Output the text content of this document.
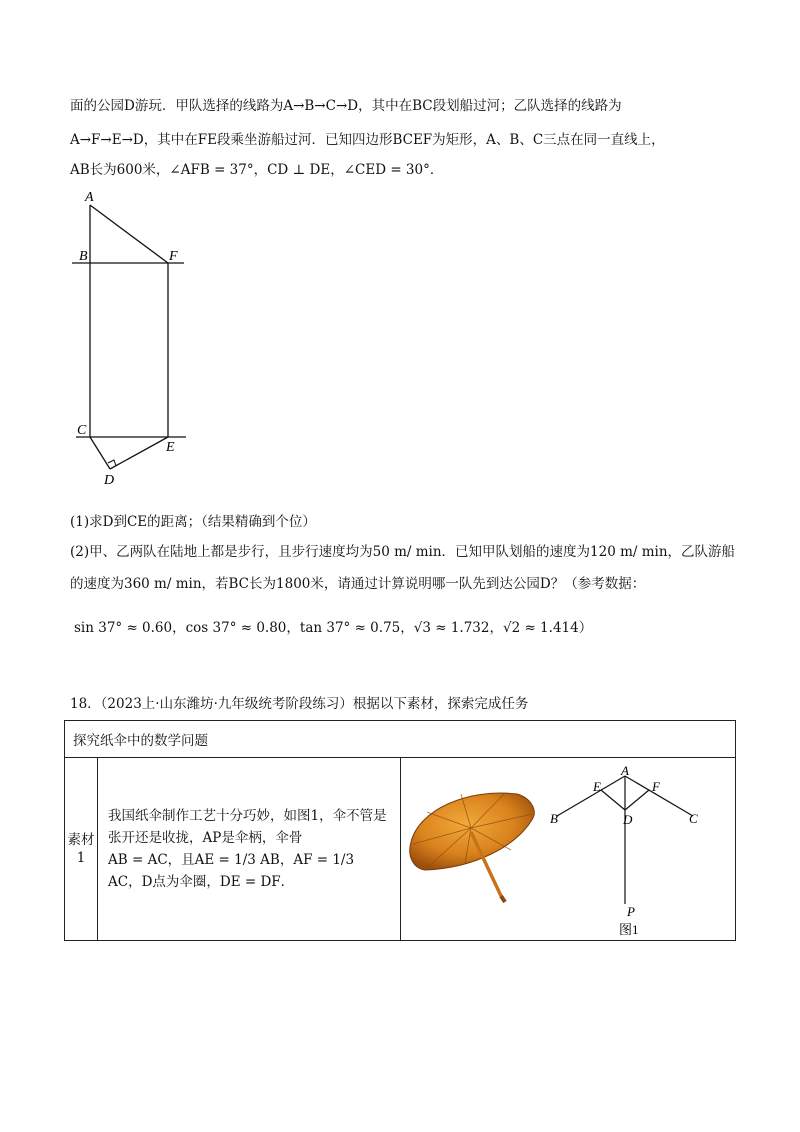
面的公园D游玩．甲队选择的线路为A→B→C→D，其中在BC段划船过河；乙队选择的线路为
A→F→E→D，其中在FE段乘坐游船过河．已知四边形BCEF为矩形，A、B、C三点在同一直线上，
AB长为600米，∠AFB = 37°，CD ⊥ DE，∠CED = 30°．
A
B	F
C
E
D
(1)求D到CE的距离；（结果精确到个位）
(2)甲、乙两队在陆地上都是步行，且步行速度均为50 m/ min．已知甲队划船的速度为120 m/ min，乙队游船
的速度为360 m/ min，若BC长为1800米，请通过计算说明哪一队先到达公园D？（参考数据：
sin 37° ≈ 0.60，cos 37° ≈ 0.80，tan 37° ≈ 0.75，√3 ≈ 1.732，√2 ≈ 1.414）
18．（2023上·山东潍坊·九年级统考阶段练习）根据以下素材，探索完成任务
探究纸伞中的数学问题
素材1	
我国纸伞制作工艺十分巧妙，如图1，伞不管是张开还是收拢，AP是伞柄，伞骨
AB = AC，且AE = 1/3 AB，AF = 1/3 AC，D点为伞圈，DE = DF．

A
E	F
B	C
D
P
图1
